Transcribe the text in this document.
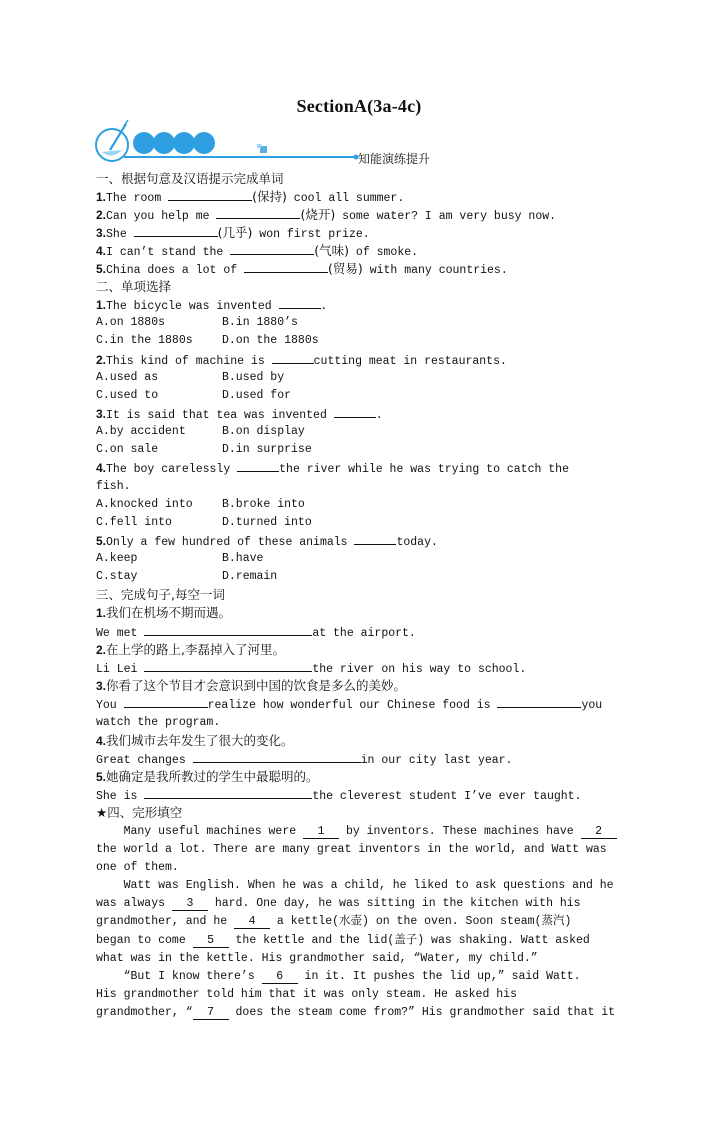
SectionA(3a-4c)
知能演练提升
一、根据句意及汉语提示完成单词
1.The room	(保持) cool all summer.
2.Can you help me	(烧开) some water? I am very busy now.
3.She	(几乎) won first prize.
4.I can’t stand the	(气味) of smoke.
5.China does a lot of	(贸易) with many countries.
二、单项选择
1.The bicycle was invented	.
A.on 1880s	B.in 1880’s
C.in the 1880s	D.on the 1880s
2.This kind of machine is	cutting meat in restaurants.
A.used as	B.used by
C.used to	D.used for
3.It is said that tea was invented	.
A.by accident	B.on display
C.on sale	D.in surprise
4.The boy carelessly	the river while he was trying to catch the
fish.
A.knocked into	B.broke into
C.fell into	D.turned into
5.Only a few hundred of these animals	today.
A.keep	B.have
C.stay	D.remain
三、完成句子,每空一词
1.我们在机场不期而遇。
We met	at the airport.
2.在上学的路上,李磊掉入了河里。
Li Lei	the river on his way to school.
3.你看了这个节目才会意识到中国的饮食是多么的美妙。
You	realize how wonderful our Chinese food is	you
watch the program.
4.我们城市去年发生了很大的变化。
Great changes	in our city last year.
5.她确定是我所教过的学生中最聪明的。
She is	the cleverest student I’ve ever taught.
★四、完形填空
Many useful machines were 1 by inventors. These machines have 2
the world a lot. There are many great inventors in the world, and Watt was
one of them.
Watt was English. When he was a child, he liked to ask questions and he
was always 3 hard. One day, he was sitting in the kitchen with his
grandmother, and he 4 a kettle(水壶) on the oven. Soon steam(蒸汽)
began to come 5 the kettle and the lid(盖子) was shaking. Watt asked
what was in the kettle. His grandmother said, “Water, my child.”
“But I know there’s 6 in it. It pushes the lid up,” said Watt.
His grandmother told him that it was only steam. He asked his
grandmother, “ 7 does the steam come from?” His grandmother said that it
